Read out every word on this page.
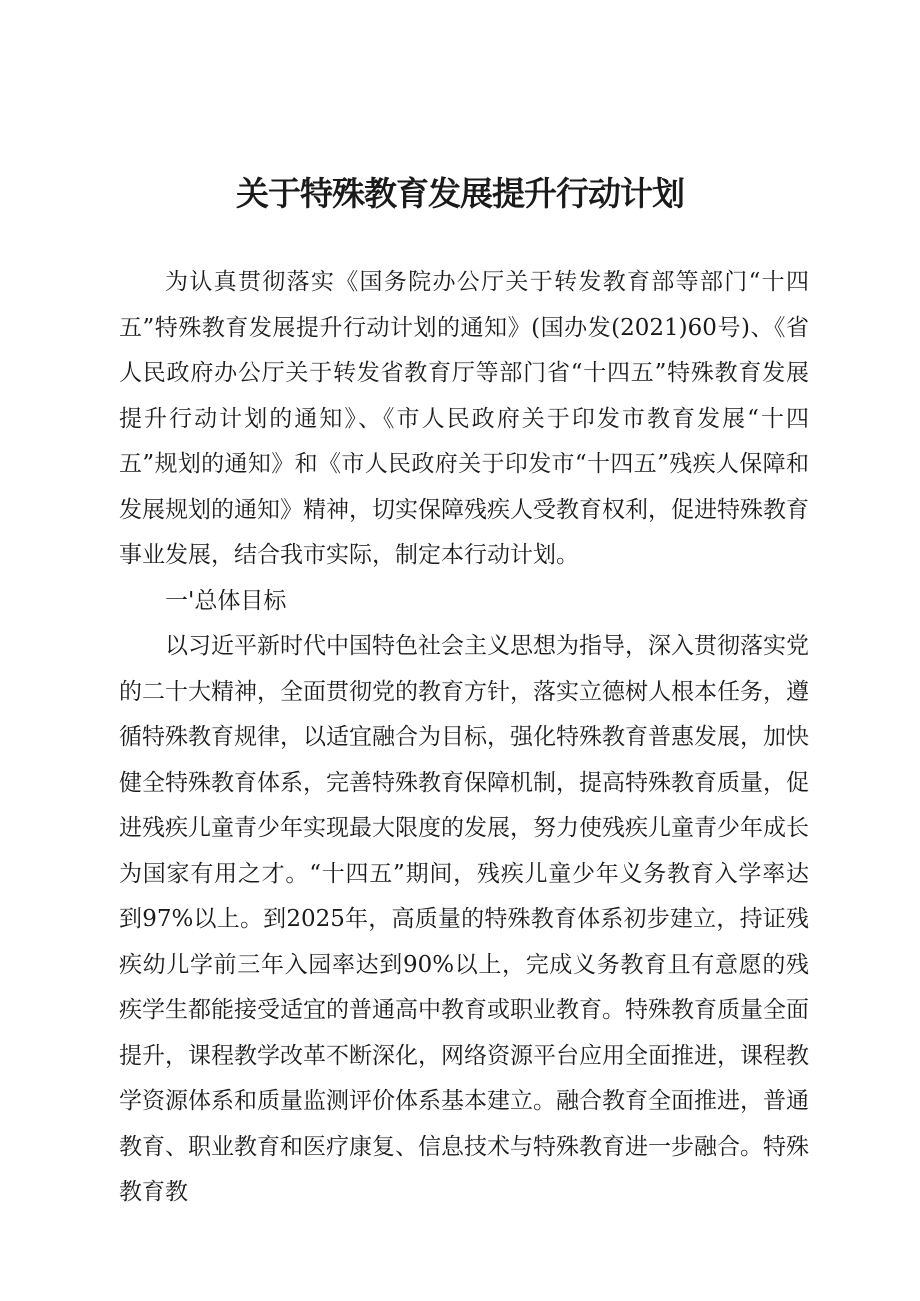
关于特殊教育发展提升行动计划

为认真贯彻落实《国务院办公厅关于转发教育部等部门“十四五”特殊教育发展提升行动计划的通知》(国办发(2021)60号)、《省人民政府办公厅关于转发省教育厅等部门省“十四五”特殊教育发展提升行动计划的通知》、《市人民政府关于印发市教育发展“十四五”规划的通知》和《市人民政府关于印发市“十四五”残疾人保障和发展规划的通知》精神，切实保障残疾人受教育权利，促进特殊教育事业发展，结合我市实际，制定本行动计划。

一'总体目标

以习近平新时代中国特色社会主义思想为指导，深入贯彻落实党的二十大精神，全面贯彻党的教育方针，落实立德树人根本任务，遵循特殊教育规律，以适宜融合为目标，强化特殊教育普惠发展，加快健全特殊教育体系，完善特殊教育保障机制，提高特殊教育质量，促进残疾儿童青少年实现最大限度的发展，努力使残疾儿童青少年成长为国家有用之才。“十四五”期间，残疾儿童少年义务教育入学率达到97%以上。到2025年，高质量的特殊教育体系初步建立，持证残疾幼儿学前三年入园率达到90%以上，完成义务教育且有意愿的残疾学生都能接受适宜的普通高中教育或职业教育。特殊教育质量全面提升，课程教学改革不断深化，网络资源平台应用全面推进，课程教学资源体系和质量监测评价体系基本建立。融合教育全面推进，普通教育、职业教育和医疗康复、信息技术与特殊教育进一步融合。特殊教育教
